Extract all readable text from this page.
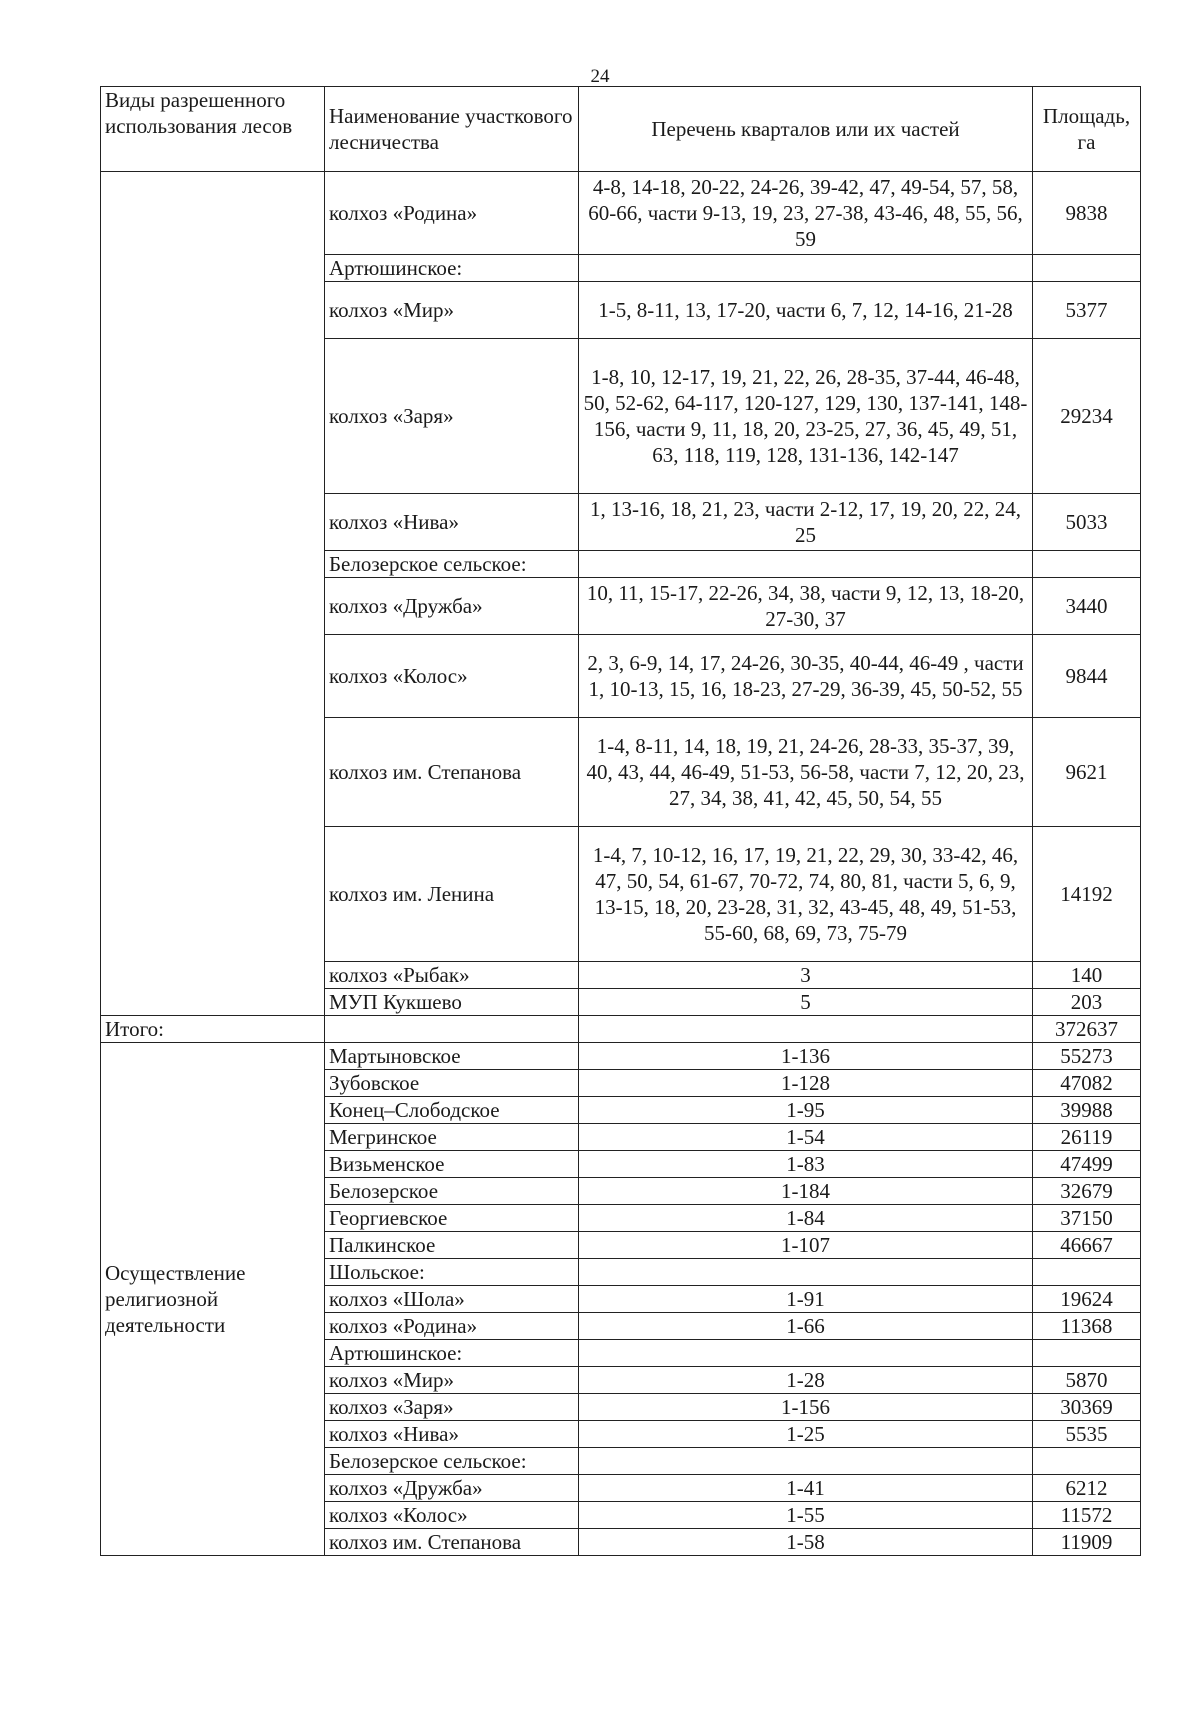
24
Виды разрешенного использования лесов	Наименование участкового лесничества	Перечень кварталов или их частей	Площадь, га
	колхоз «Родина»	4-8, 14-18, 20-22, 24-26, 39-42, 47, 49-54, 57, 58, 60-66, части 9-13, 19, 23, 27-38, 43-46, 48, 55, 56, 59	9838
	Артюшинское:		
	колхоз «Мир»	1-5, 8-11, 13, 17-20, части 6, 7, 12, 14-16, 21-28	5377
	колхоз «Заря»	1-8, 10, 12-17, 19, 21, 22, 26, 28-35, 37-44, 46-48, 50, 52-62, 64-117, 120-127, 129, 130, 137-141, 148-156, части 9, 11, 18, 20, 23-25, 27, 36, 45, 49, 51, 63, 118, 119, 128, 131-136, 142-147	29234
	колхоз «Нива»	1, 13-16, 18, 21, 23, части 2-12, 17, 19, 20, 22, 24, 25	5033
	Белозерское сельское:		
	колхоз «Дружба»	10, 11, 15-17, 22-26, 34, 38, части 9, 12, 13, 18-20, 27-30, 37	3440
	колхоз «Колос»	2, 3, 6-9, 14, 17, 24-26, 30-35, 40-44, 46-49 , части 1, 10-13, 15, 16, 18-23, 27-29, 36-39, 45, 50-52, 55	9844
	колхоз им. Степанова	1-4, 8-11, 14, 18, 19, 21, 24-26, 28-33, 35-37, 39, 40, 43, 44, 46-49, 51-53, 56-58, части 7, 12, 20, 23, 27, 34, 38, 41, 42, 45, 50, 54, 55	9621
	колхоз им. Ленина	1-4, 7, 10-12, 16, 17, 19, 21, 22, 29, 30, 33-42, 46, 47, 50, 54, 61-67, 70-72, 74, 80, 81, части 5, 6, 9, 13-15, 18, 20, 23-28, 31, 32, 43-45, 48, 49, 51-53, 55-60, 68, 69, 73, 75-79	14192
	колхоз «Рыбак»	3	140
	МУП Кукшево	5	203
Итого:			372637
Осуществление религиозной деятельности	Мартыновское	1-136	55273
	Зубовское	1-128	47082
	Конец–Слободское	1-95	39988
	Мегринское	1-54	26119
	Визьменское	1-83	47499
	Белозерское	1-184	32679
	Георгиевское	1-84	37150
	Палкинское	1-107	46667
	Шольское:		
	колхоз «Шола»	1-91	19624
	колхоз «Родина»	1-66	11368
	Артюшинское:		
	колхоз «Мир»	1-28	5870
	колхоз «Заря»	1-156	30369
	колхоз «Нива»	1-25	5535
	Белозерское сельское:		
	колхоз «Дружба»	1-41	6212
	колхоз «Колос»	1-55	11572
	колхоз им. Степанова	1-58	11909
